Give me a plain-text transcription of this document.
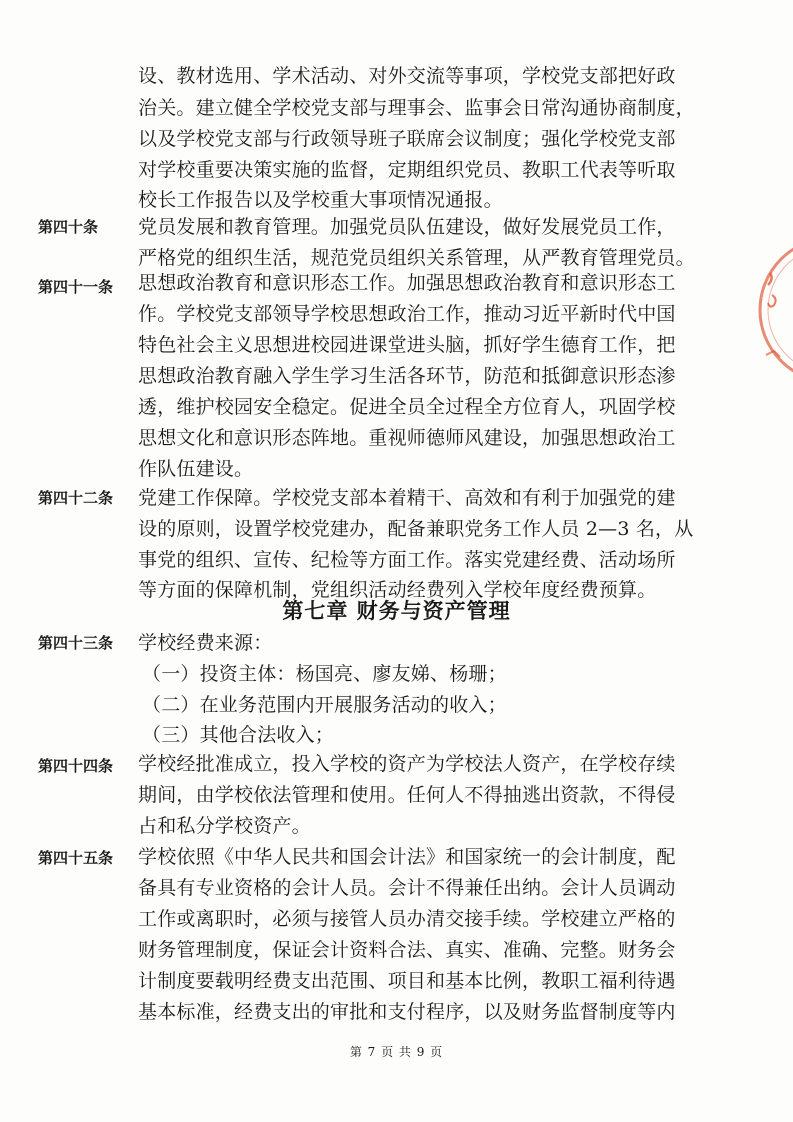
设、教材选用、学术活动、对外交流等事项，学校党支部把好政
治关。建立健全学校党支部与理事会、监事会日常沟通协商制度，
以及学校党支部与行政领导班子联席会议制度；强化学校党支部
对学校重要决策实施的监督，定期组织党员、教职工代表等听取
校长工作报告以及学校重大事项情况通报。
第四十条 党员发展和教育管理。加强党员队伍建设，做好发展党员工作，
严格党的组织生活，规范党员组织关系管理，从严教育管理党员。
第四十一条 思想政治教育和意识形态工作。加强思想政治教育和意识形态工
作。学校党支部领导学校思想政治工作，推动习近平新时代中国
特色社会主义思想进校园进课堂进头脑，抓好学生德育工作，把
思想政治教育融入学生学习生活各环节，防范和抵御意识形态渗
透，维护校园安全稳定。促进全员全过程全方位育人，巩固学校
思想文化和意识形态阵地。重视师德师风建设，加强思想政治工
作队伍建设。
第四十二条 党建工作保障。学校党支部本着精干、高效和有利于加强党的建
设的原则，设置学校党建办，配备兼职党务工作人员 2—3 名，从
事党的组织、宣传、纪检等方面工作。落实党建经费、活动场所
等方面的保障机制，党组织活动经费列入学校年度经费预算。
第七章 财务与资产管理
第四十三条 学校经费来源：
（一）投资主体：杨国亮、廖友娣、杨珊；
（二）在业务范围内开展服务活动的收入；
（三）其他合法收入；
第四十四条 学校经批准成立，投入学校的资产为学校法人资产，在学校存续
期间，由学校依法管理和使用。任何人不得抽逃出资款，不得侵
占和私分学校资产。
第四十五条 学校依照《中华人民共和国会计法》和国家统一的会计制度，配
备具有专业资格的会计人员。会计不得兼任出纳。会计人员调动
工作或离职时，必须与接管人员办清交接手续。学校建立严格的
财务管理制度，保证会计资料合法、真实、准确、完整。财务会
计制度要载明经费支出范围、项目和基本比例，教职工福利待遇
基本标准，经费支出的审批和支付程序，以及财务监督制度等内
第 7 页 共 9 页
